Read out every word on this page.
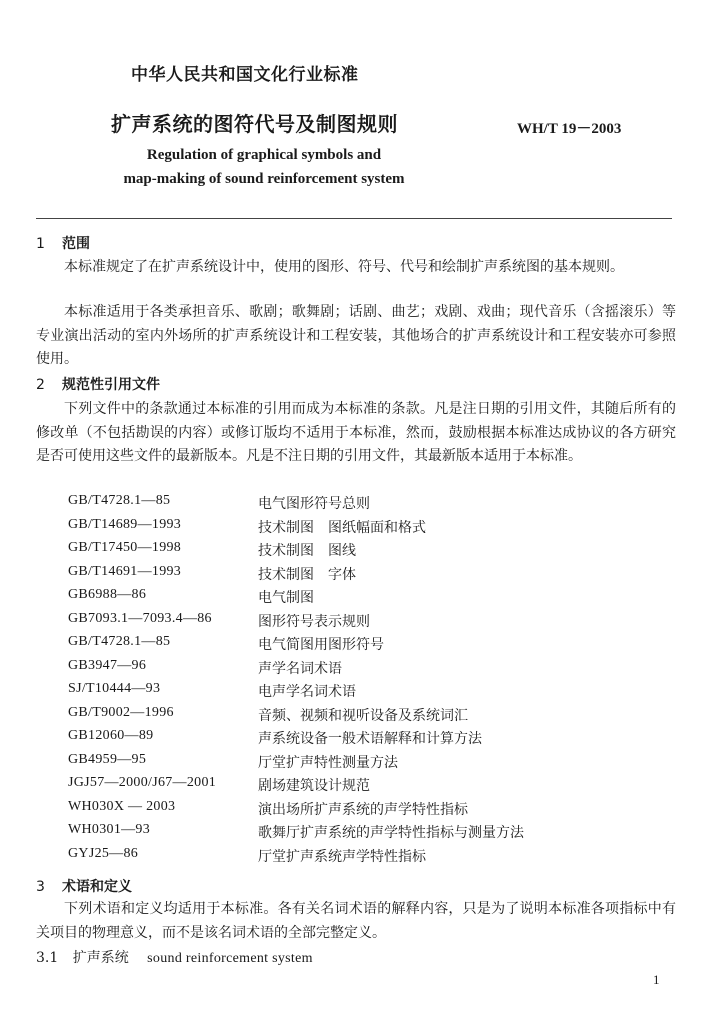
中华人民共和国文化行业标准
扩声系统的图符代号及制图规则	WH/T 19－2003
Regulation of graphical symbols and
map-making of sound reinforcement system
1 范围
本标准规定了在扩声系统设计中，使用的图形、符号、代号和绘制扩声系统图的基本规则。
本标准适用于各类承担音乐、歌剧；歌舞剧；话剧、曲艺；戏剧、戏曲；现代音乐（含摇滚乐）等专业演出活动的室内外场所的扩声系统设计和工程安装，其他场合的扩声系统设计和工程安装亦可参照使用。
2 规范性引用文件
下列文件中的条款通过本标准的引用而成为本标准的条款。凡是注日期的引用文件，其随后所有的修改单（不包括勘误的内容）或修订版均不适用于本标准，然而，鼓励根据本标准达成协议的各方研究是否可使用这些文件的最新版本。凡是不注日期的引用文件，其最新版本适用于本标准。
GB/T4728.1—85	电气图形符号总则
GB/T14689—1993	技术制图　图纸幅面和格式
GB/T17450—1998	技术制图　图线
GB/T14691—1993	技术制图　字体
GB6988—86	电气制图
GB7093.1—7093.4—86	图形符号表示规则
GB/T4728.1—85	电气简图用图形符号
GB3947—96	声学名词术语
SJ/T10444—93	电声学名词术语
GB/T9002—1996	音频、视频和视听设备及系统词汇
GB12060—89	声系统设备一般术语解释和计算方法
GB4959—95	厅堂扩声特性测量方法
JGJ57—2000/J67—2001	剧场建筑设计规范
WH030X — 2003	演出场所扩声系统的声学特性指标
WH0301—93	歌舞厅扩声系统的声学特性指标与测量方法
GYJ25—86	厅堂扩声系统声学特性指标
3 术语和定义
下列术语和定义均适用于本标准。各有关名词术语的解释内容，只是为了说明本标准各项指标中有关项目的物理意义，而不是该名词术语的全部完整定义。
3.1 扩声系统 sound reinforcement system
1
